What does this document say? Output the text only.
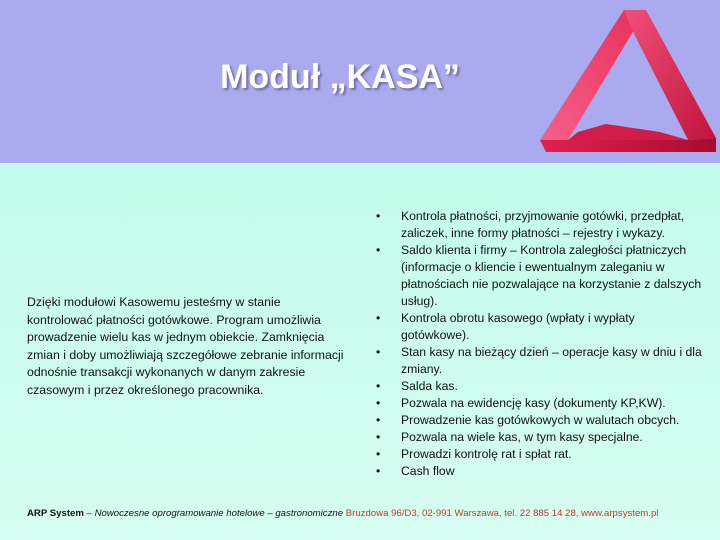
Moduł „KASA”
Dzięki modułowi Kasowemu jesteśmy w stanie kontrolować płatności gotówkowe. Program umożliwia prowadzenie wielu kas w jednym obiekcie. Zamknięcia zmian i doby umożliwiają szczegółowe zebranie informacji odnośnie transakcji wykonanych w danym zakresie czasowym i przez określonego pracownika.
• Kontrola płatności, przyjmowanie gotówki, przedpłat, zaliczek, inne formy płatności – rejestry i wykazy.
• Saldo klienta i firmy – Kontrola zaległości płatniczych (informacje o kliencie i ewentualnym zaleganiu w płatnościach nie pozwalające na korzystanie z dalszych usług).
• Kontrola obrotu kasowego (wpłaty i wypłaty gotówkowe).
• Stan kasy na bieżący dzień – operacje kasy w dniu i dla zmiany.
• Salda kas.
• Pozwala na ewidencję kasy (dokumenty KP,KW).
• Prowadzenie kas gotówkowych w walutach obcych.
• Pozwala na wiele kas, w tym kasy specjalne.
• Prowadzi kontrolę rat i spłat rat.
• Cash flow
ARP System – Nowoczesne oprogramowanie hotelowe – gastronomiczne Bruzdowa 96/D3, 02-991 Warszawa, tel. 22 885 14 28, www.arpsystem.pl
